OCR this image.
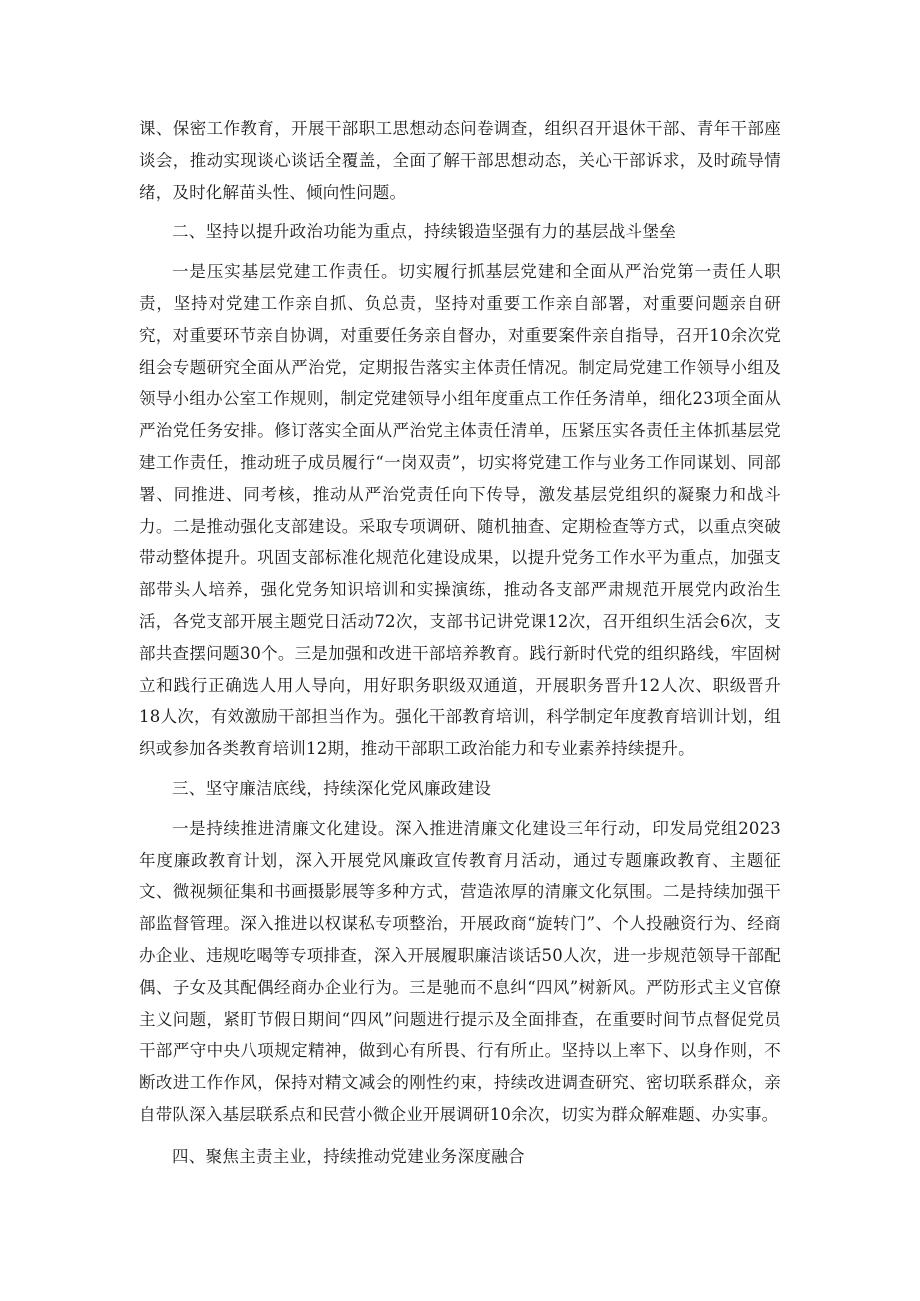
课、保密工作教育，开展干部职工思想动态问卷调查，组织召开退休干部、青年干部座谈会，推动实现谈心谈话全覆盖，全面了解干部思想动态，关心干部诉求，及时疏导情绪，及时化解苗头性、倾向性问题。

二、坚持以提升政治功能为重点，持续锻造坚强有力的基层战斗堡垒

一是压实基层党建工作责任。切实履行抓基层党建和全面从严治党第一责任人职责，坚持对党建工作亲自抓、负总责，坚持对重要工作亲自部署，对重要问题亲自研究，对重要环节亲自协调，对重要任务亲自督办，对重要案件亲自指导，召开10余次党组会专题研究全面从严治党，定期报告落实主体责任情况。制定局党建工作领导小组及领导小组办公室工作规则，制定党建领导小组年度重点工作任务清单，细化23项全面从严治党任务安排。修订落实全面从严治党主体责任清单，压紧压实各责任主体抓基层党建工作责任，推动班子成员履行“一岗双责”，切实将党建工作与业务工作同谋划、同部署、同推进、同考核，推动从严治党责任向下传导，激发基层党组织的凝聚力和战斗力。二是推动强化支部建设。采取专项调研、随机抽查、定期检查等方式，以重点突破带动整体提升。巩固支部标准化规范化建设成果，以提升党务工作水平为重点，加强支部带头人培养，强化党务知识培训和实操演练，推动各支部严肃规范开展党内政治生活，各党支部开展主题党日活动72次，支部书记讲党课12次，召开组织生活会6次，支部共查摆问题30个。三是加强和改进干部培养教育。践行新时代党的组织路线，牢固树立和践行正确选人用人导向，用好职务职级双通道，开展职务晋升12人次、职级晋升18人次，有效激励干部担当作为。强化干部教育培训，科学制定年度教育培训计划，组织或参加各类教育培训12期，推动干部职工政治能力和专业素养持续提升。

三、坚守廉洁底线，持续深化党风廉政建设

一是持续推进清廉文化建设。深入推进清廉文化建设三年行动，印发局党组2023年度廉政教育计划，深入开展党风廉政宣传教育月活动，通过专题廉政教育、主题征文、微视频征集和书画摄影展等多种方式，营造浓厚的清廉文化氛围。二是持续加强干部监督管理。深入推进以权谋私专项整治，开展政商“旋转门”、个人投融资行为、经商办企业、违规吃喝等专项排查，深入开展履职廉洁谈话50人次，进一步规范领导干部配偶、子女及其配偶经商办企业行为。三是驰而不息纠“四风”树新风。严防形式主义官僚主义问题，紧盯节假日期间“四风”问题进行提示及全面排查，在重要时间节点督促党员干部严守中央八项规定精神，做到心有所畏、行有所止。坚持以上率下、以身作则，不断改进工作作风，保持对精文减会的刚性约束，持续改进调查研究、密切联系群众，亲自带队深入基层联系点和民营小微企业开展调研10余次，切实为群众解难题、办实事。

四、聚焦主责主业，持续推动党建业务深度融合
